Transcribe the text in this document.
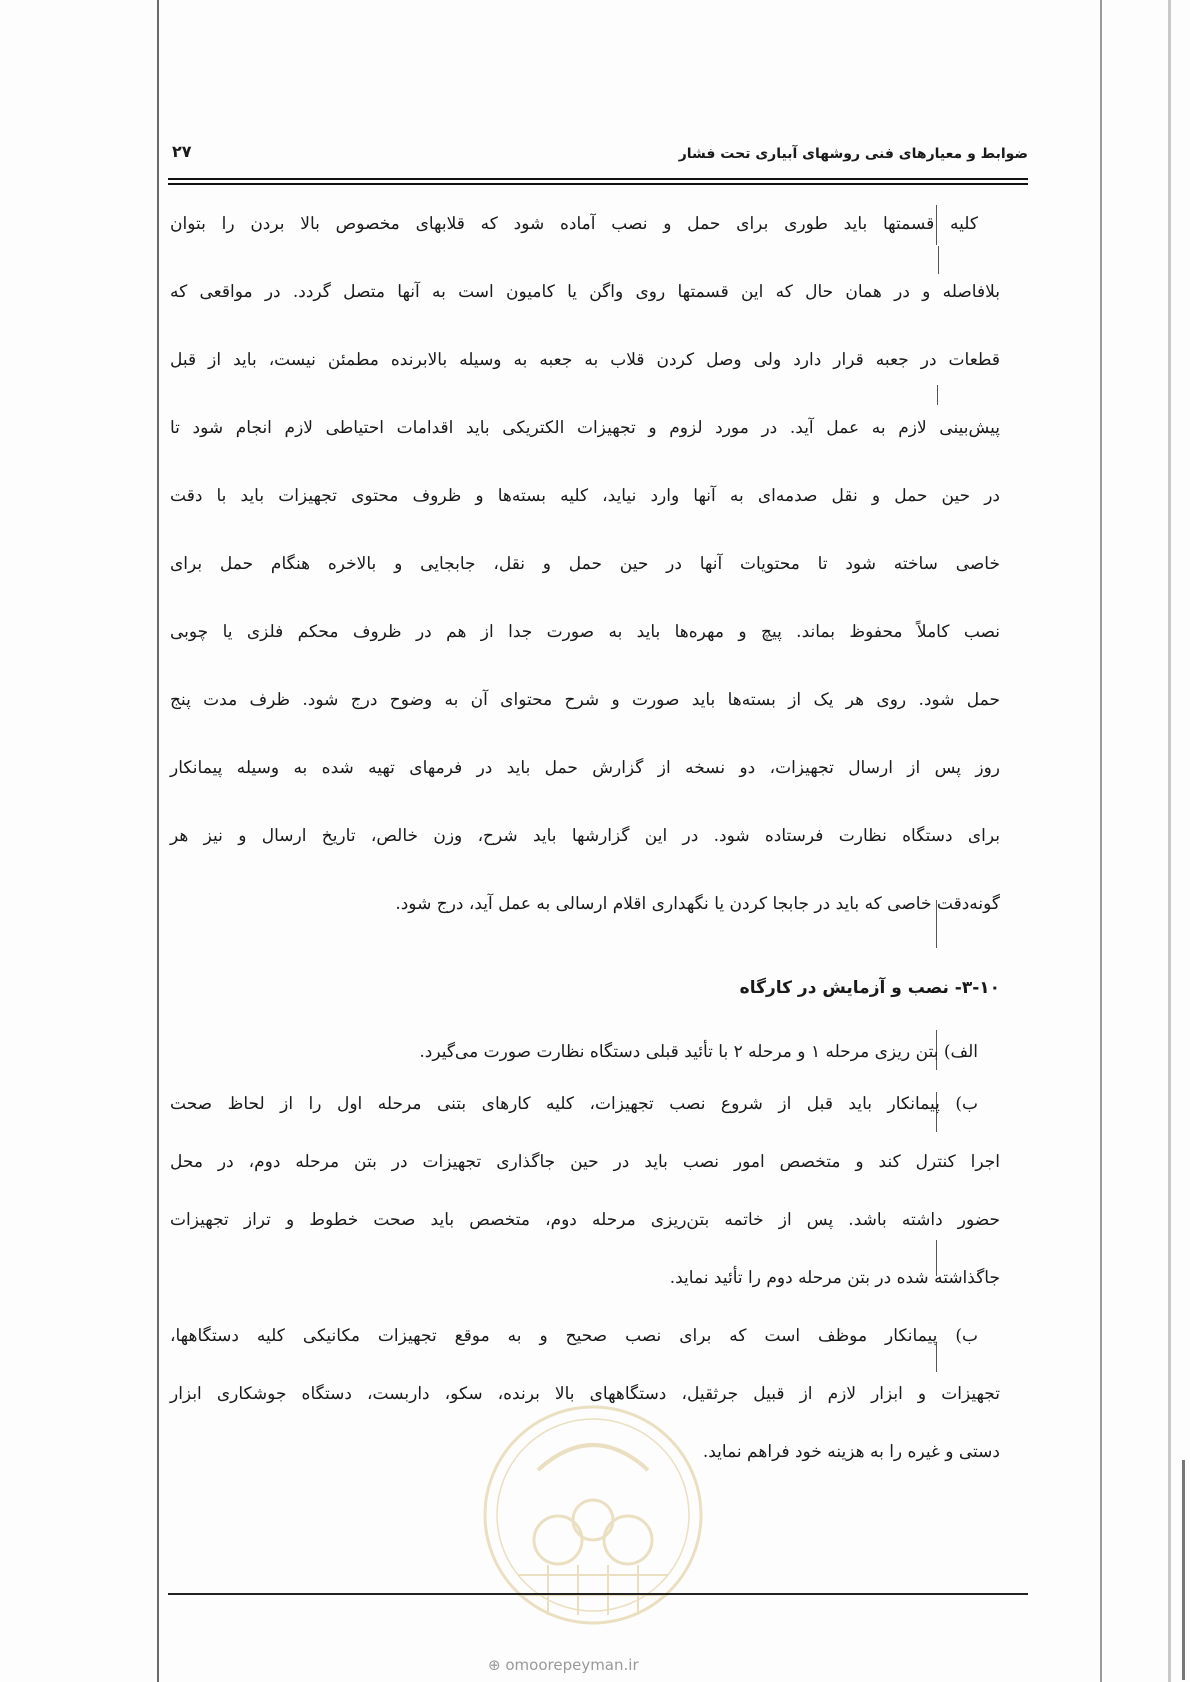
ضوابط و معیارهای فنی روشهای آبیاری تحت فشار
۲۷

کلیه قسمتها باید طوری برای حمل و نصب آماده شود که قلابهای مخصوص بالا بردن را بتوان

بلافاصله و در همان حال که این قسمتها روی واگن یا کامیون است به آنها متصل گردد. در مواقعی که

قطعات در جعبه قرار دارد ولی وصل کردن قلاب به جعبه به وسیله بالابرنده مطمئن نیست، باید از قبل

پیش‌بینی لازم به عمل آید. در مورد لزوم و تجهیزات الکتریکی باید اقدامات احتیاطی لازم انجام شود تا

در حین حمل و نقل صدمه‌ای به آنها وارد نیاید، کلیه بسته‌ها و ظروف محتوی تجهیزات باید با دقت

خاصی ساخته شود تا محتویات آنها در حین حمل و نقل، جابجایی و بالاخره هنگام حمل برای

نصب کاملاً محفوظ بماند. پیچ و مهره‌ها باید به صورت جدا از هم در ظروف محکم فلزی یا چوبی

حمل شود. روی هر یک از بسته‌ها باید صورت و شرح محتوای آن به وضوح درج شود. ظرف مدت پنج

روز پس از ارسال تجهیزات، دو نسخه از گزارش حمل باید در فرمهای تهیه شده به وسیله پیمانکار

برای دستگاه نظارت فرستاده شود. در این گزارشها باید شرح، وزن خالص، تاریخ ارسال و نیز هر

گونه‌دقت خاصی که باید در جابجا کردن یا نگهداری اقلام ارسالی به عمل آید، درج شود.

۳-۱۰- نصب و آزمایش در کارگاه

الف) بتن ریزی مرحله ۱ و مرحله ۲ با تأئید قبلی دستگاه نظارت صورت می‌گیرد.

ب) پیمانکار باید قبل از شروع نصب تجهیزات، کلیه کارهای بتنی مرحله اول را از لحاظ صحت

اجرا کنترل کند و متخصص امور نصب باید در حین جاگذاری تجهیزات در بتن مرحله دوم، در محل

حضور داشته باشد. پس از خاتمه بتن‌ریزی مرحله دوم، متخصص باید صحت خطوط و تراز تجهیزات

جاگذاشته شده در بتن مرحله دوم را تأئید نماید.

ب) پیمانکار موظف است که برای نصب صحیح و به موقع تجهیزات مکانیکی کلیه دستگاهها،

تجهیزات و ابزار لازم از قبیل جرثقیل، دستگاههای بالا برنده، سکو، داربست، دستگاه جوشکاری ابزار

دستی و غیره را به هزینه خود فراهم نماید.

⊕ omoorepeyman.ir
